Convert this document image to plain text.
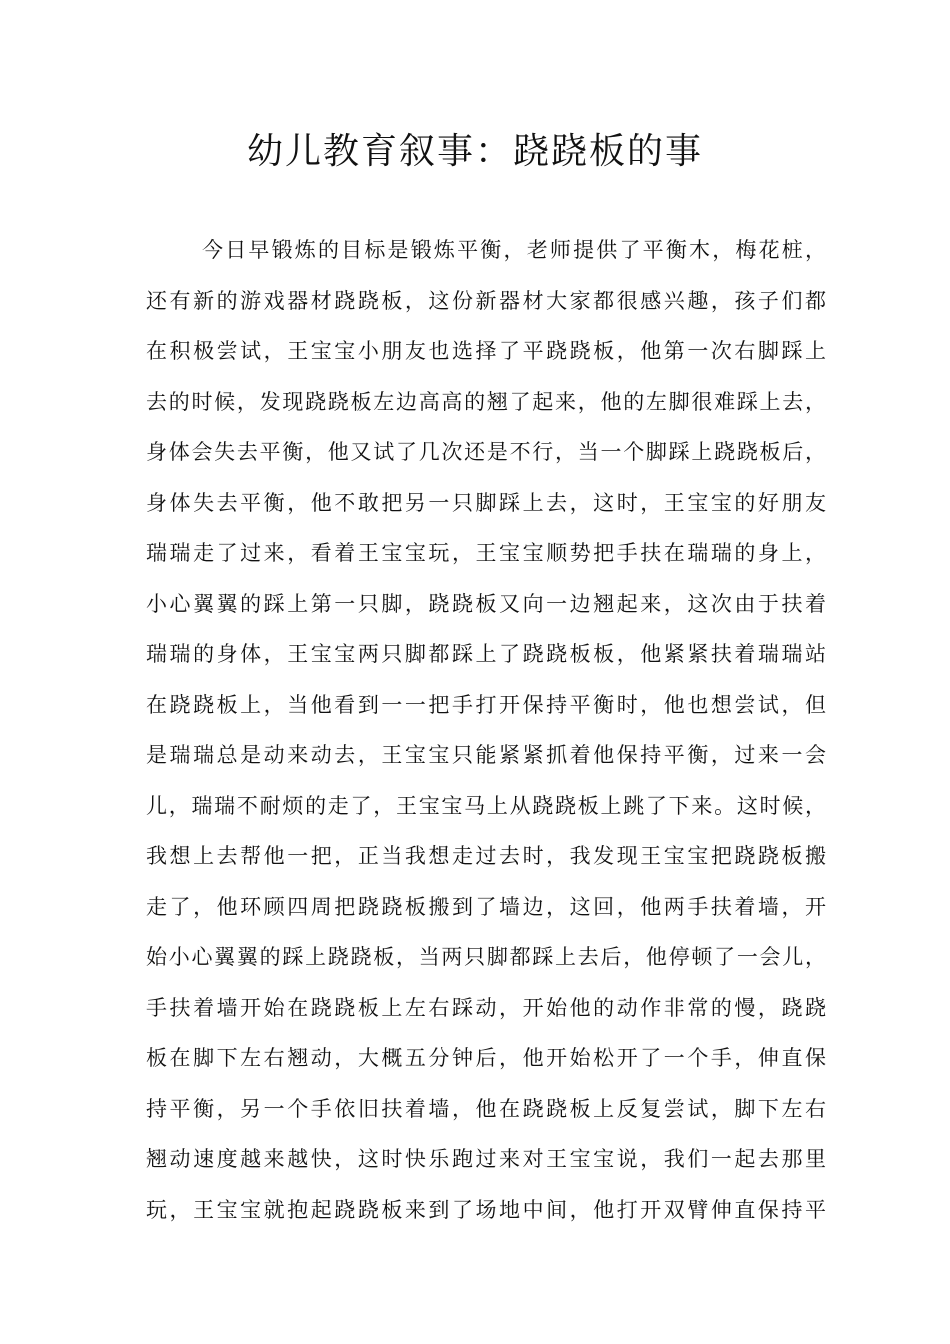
幼儿教育叙事：跷跷板的事
今日早锻炼的目标是锻炼平衡，老师提供了平衡木，梅花桩，
还有新的游戏器材跷跷板，这份新器材大家都很感兴趣，孩子们都
在积极尝试，王宝宝小朋友也选择了平跷跷板，他第一次右脚踩上
去的时候，发现跷跷板左边高高的翘了起来，他的左脚很难踩上去，
身体会失去平衡，他又试了几次还是不行，当一个脚踩上跷跷板后，
身体失去平衡，他不敢把另一只脚踩上去，这时，王宝宝的好朋友
瑞瑞走了过来，看着王宝宝玩，王宝宝顺势把手扶在瑞瑞的身上，
小心翼翼的踩上第一只脚，跷跷板又向一边翘起来，这次由于扶着
瑞瑞的身体，王宝宝两只脚都踩上了跷跷板板，他紧紧扶着瑞瑞站
在跷跷板上，当他看到一一把手打开保持平衡时，他也想尝试，但
是瑞瑞总是动来动去，王宝宝只能紧紧抓着他保持平衡，过来一会
儿，瑞瑞不耐烦的走了，王宝宝马上从跷跷板上跳了下来。这时候，
我想上去帮他一把，正当我想走过去时，我发现王宝宝把跷跷板搬
走了，他环顾四周把跷跷板搬到了墙边，这回，他两手扶着墙，开
始小心翼翼的踩上跷跷板，当两只脚都踩上去后，他停顿了一会儿，
手扶着墙开始在跷跷板上左右踩动，开始他的动作非常的慢，跷跷
板在脚下左右翘动，大概五分钟后，他开始松开了一个手，伸直保
持平衡，另一个手依旧扶着墙，他在跷跷板上反复尝试，脚下左右
翘动速度越来越快，这时快乐跑过来对王宝宝说，我们一起去那里
玩，王宝宝就抱起跷跷板来到了场地中间，他打开双臂伸直保持平
